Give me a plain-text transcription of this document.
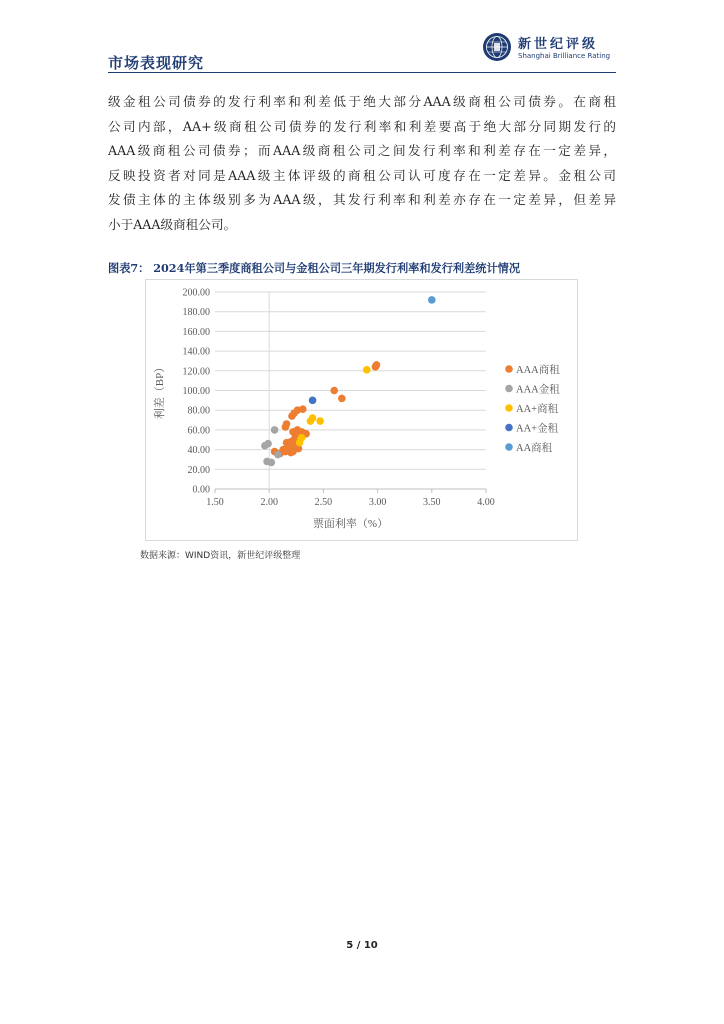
市场表现研究
新世纪评级
Shanghai Brilliance Rating
级金租公司债券的发行利率和利差低于绝大部分AAA级商租公司债券。在商租
公司内部，AA+级商租公司债券的发行利率和利差要高于绝大部分同期发行的
AAA级商租公司债券；而AAA级商租公司之间发行利率和利差存在一定差异，
反映投资者对同是AAA级主体评级的商租公司认可度存在一定差异。金租公司
发债主体的主体级别多为AAA级，其发行利率和利差亦存在一定差异，但差异
小于AAA级商租公司。
图表7： 2024年第三季度商租公司与金租公司三年期发行利率和发行利差统计情况
0.00
20.00
40.00
60.00
80.00
100.00
120.00
140.00
160.00
180.00
200.00
1.50	2.00	2.50	3.00	3.50	4.00
票面利率（%）
利差（BP）	AAA商租
AAA金租
AA+商租
AA+金租
AA商租
数据来源：WIND资讯，新世纪评级整理
5 / 10
